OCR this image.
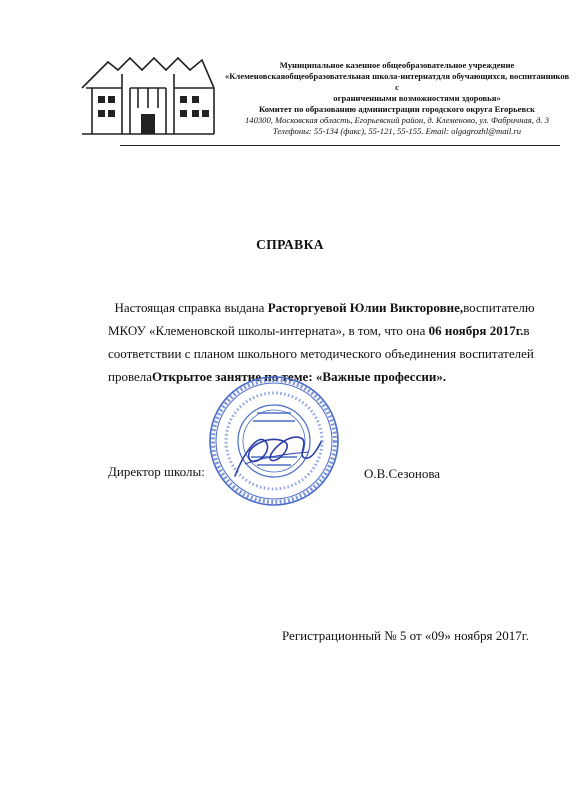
Муниципальное казенное общеобразовательное учреждение
«Клеменовскаяобщеобразовательная школа-интернатдля обучающихся, воспитанников с
ограниченными возможностями здоровья»
Комитет по образованию администрации городского округа Егорьевск
140300, Московская область, Егорьевский район, д. Клеменово, ул. Фабричная, д. 3
Телефоны: 55-134 (факс), 55-121, 55-155. Email: olgagrozhl@mail.ru
СПРАВКА
Настоящая справка выдана Расторгуевой Юлии Викторовне,воспитателю
МКОУ «Клеменовской школы-интерната», в том, что она 06 ноября 2017г.в
соответствии с планом школьного методического объединения воспитателей
провелаОткрытое занятие по теме: «Важные профессии».
Директор школы:	О.В.Сезонова
Регистрационный № 5 от «09» ноября 2017г.
